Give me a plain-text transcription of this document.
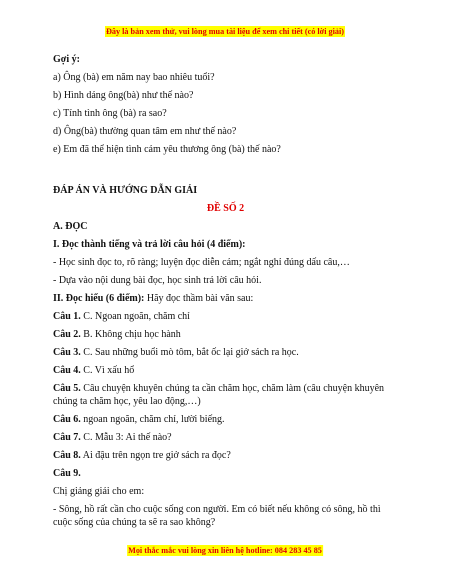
Đây là bản xem thử, vui lòng mua tài liệu để xem chi tiết (có lời giải)

Gợi ý:

a) Ông (bà) em năm nay bao nhiêu tuổi?

b) Hình dáng ông(bà) như thế nào?

c) Tính tình ông (bà) ra sao?

d) Ông(bà) thường quan tâm em như thế nào?

e) Em đã thể hiện tình cảm yêu thương ông (bà) thế nào?

ĐÁP ÁN VÀ HƯỚNG DẪN GIẢI

ĐỀ SỐ 2

A. ĐỌC

I. Đọc thành tiếng và trả lời câu hỏi (4 điểm):

- Học sinh đọc to, rõ ràng; luyện đọc diễn cảm; ngắt nghỉ đúng dấu câu,…

- Dựa vào nội dung bài đọc, học sinh trả lời câu hỏi.

II. Đọc hiểu (6 điểm): Hãy đọc thầm bài văn sau:

Câu 1. C. Ngoan ngoãn, chăm chỉ

Câu 2. B. Không chịu học hành

Câu 3. C. Sau những buổi mò tôm, bắt ốc lại giở sách ra học.

Câu 4. C. Vì xấu hổ

Câu 5. Câu chuyện khuyên chúng ta cần chăm học, chăm làm (câu chuyện khuyên chúng ta chăm học, yêu lao động,…)

Câu 6. ngoan ngoãn, chăm chỉ, lười biếng.

Câu 7. C. Mẫu 3: Ai thế nào?

Câu 8. Ai đậu trên ngọn tre giở sách ra đọc?

Câu 9.

Chị giảng giải cho em:

- Sông, hồ rất cần cho cuộc sống con người. Em có biết nếu không có sông, hồ thì cuộc sống của chúng ta sẽ ra sao không?

Mọi thắc mắc vui lòng xin liên hệ hotline: 084 283 45 85
